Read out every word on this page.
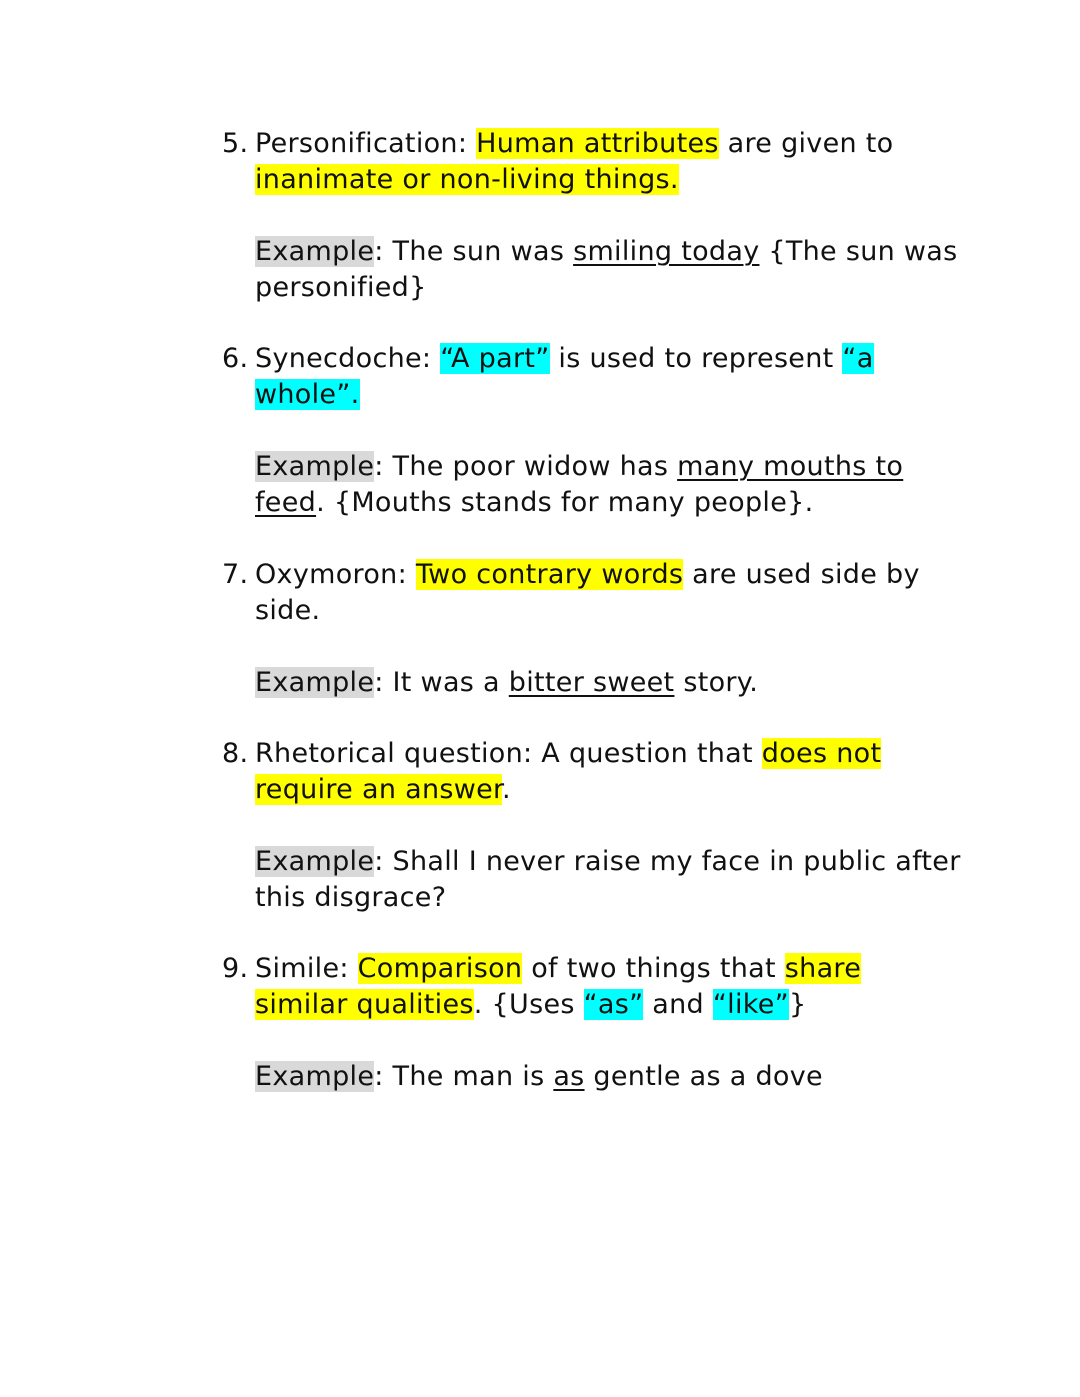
5. Personification: Human attributes are given to inanimate or non-living things.
Example: The sun was smiling today {The sun was personified}
6. Synecdoche: “A part” is used to represent “a whole”.
Example: The poor widow has many mouths to feed. {Mouths stands for many people}.
7. Oxymoron: Two contrary words are used side by side.
Example: It was a bitter sweet story.
8. Rhetorical question: A question that does not require an answer.
Example: Shall I never raise my face in public after this disgrace?
9. Simile: Comparison of two things that share similar qualities. {Uses “as” and “like”}
Example: The man is as gentle as a dove
